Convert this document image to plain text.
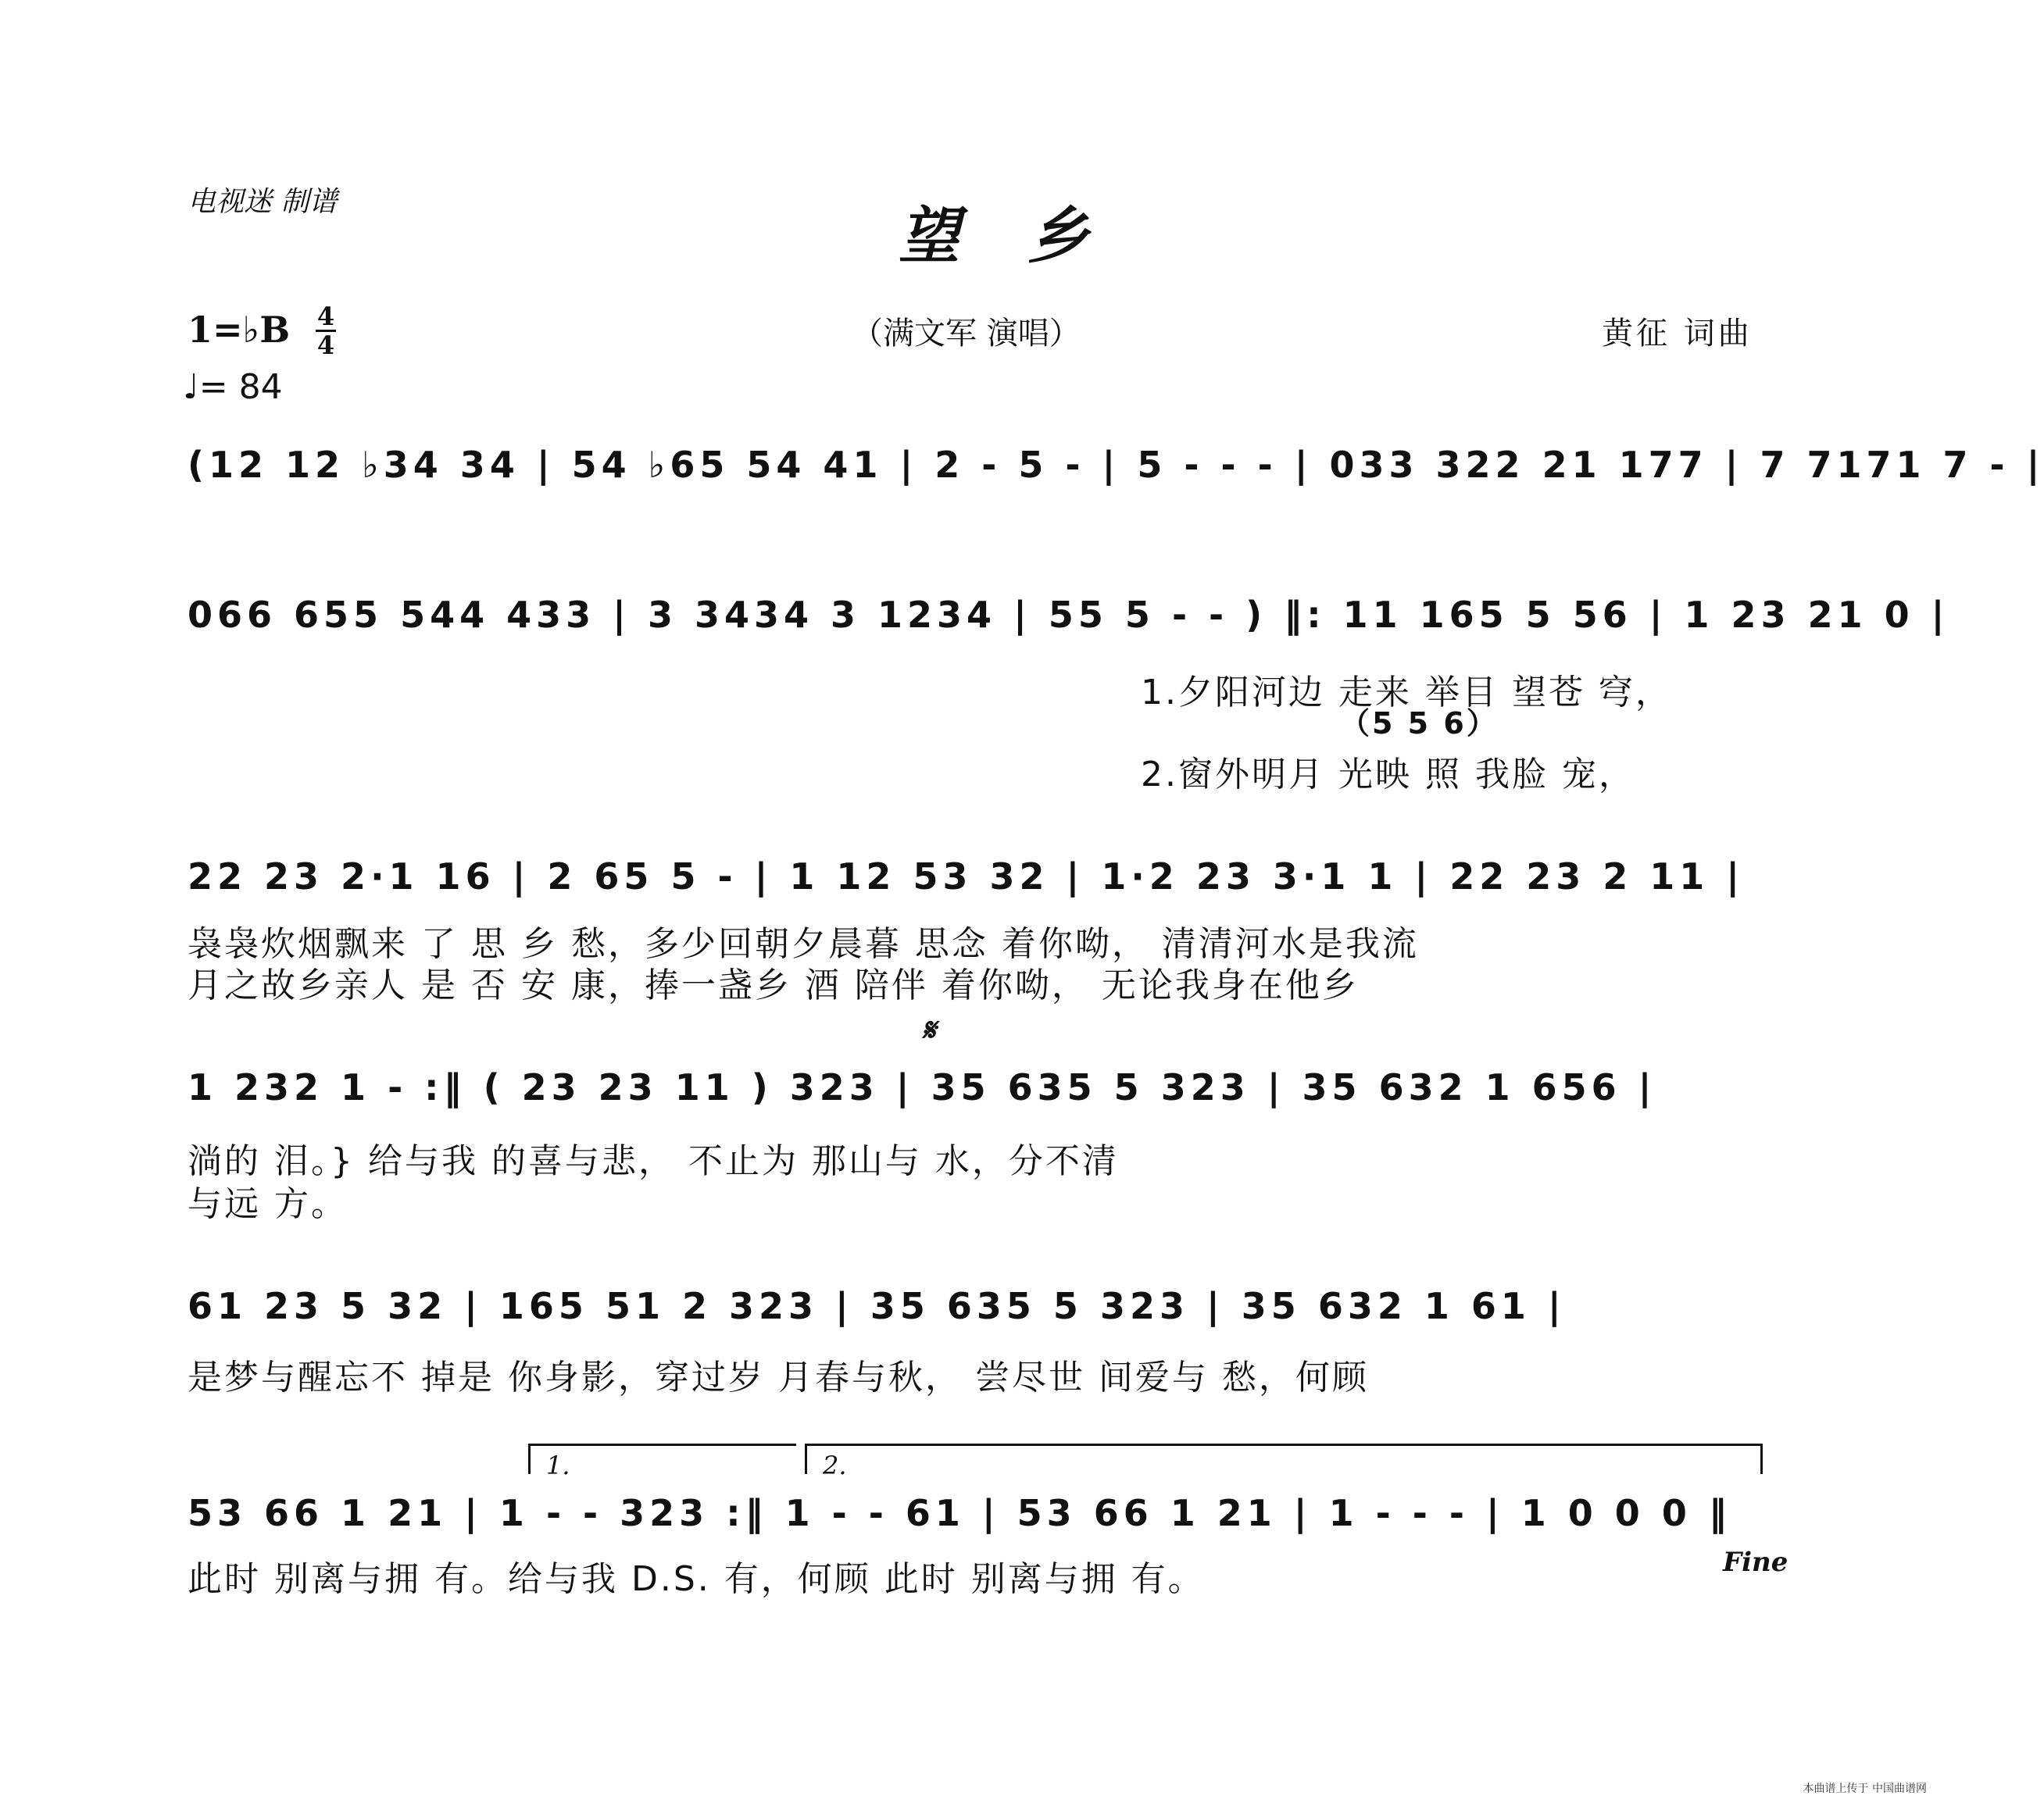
电视迷 制谱	望 乡
1=♭B 4
4
♩= 84
（满文军 演唱）	黄征 词曲
(12 12 ♭34 34 | 54 ♭65 54 41 | 2 - 5 - | 5 - - - | 033 322 21 177 | 7 7171 7 - |
066 655 544 433 | 3 3434 3 1234 | 55 5 - - ) ‖: 11 165 5 56 | 1 23 21 0 |
1.夕阳河边 走来 举目 望苍 穹，
（5 5 6）
2.窗外明月 光映 照 我脸 宠，
22 23 2·1 16 | 2 65 5 - | 1 12 53 32 | 1·2 23 3·1 1 | 22 23 2 11 |
袅袅炊烟飘来 了 思 乡 愁，多少回朝夕晨暮 思念 着你呦， 清清河水是我流
月之故乡亲人 是 否 安 康，捧一盏乡 酒 陪伴 着你呦， 无论我身在他乡
𝄋
1 232 1 - :‖ ( 23 23 11 ) 323 | 35 635 5 323 | 35 632 1 656 |
淌的 泪。} 给与我 的喜与悲， 不止为 那山与 水，分不清
与远 方。
61 23 5 32 | 165 51 2 323 | 35 635 5 323 | 35 632 1 61 |
是梦与醒忘不 掉是 你身影，穿过岁 月春与秋， 尝尽世 间爱与 愁，何顾
1.	2.
53 66 1 21 | 1 - - 323 :‖ 1 - - 61 | 53 66 1 21 | 1 - - - | 1 0 0 0 ‖
此时 别离与拥 有。给与我 D.S. 有，何顾 此时 别离与拥 有。	Fine
本曲谱上传于 中国曲谱网
